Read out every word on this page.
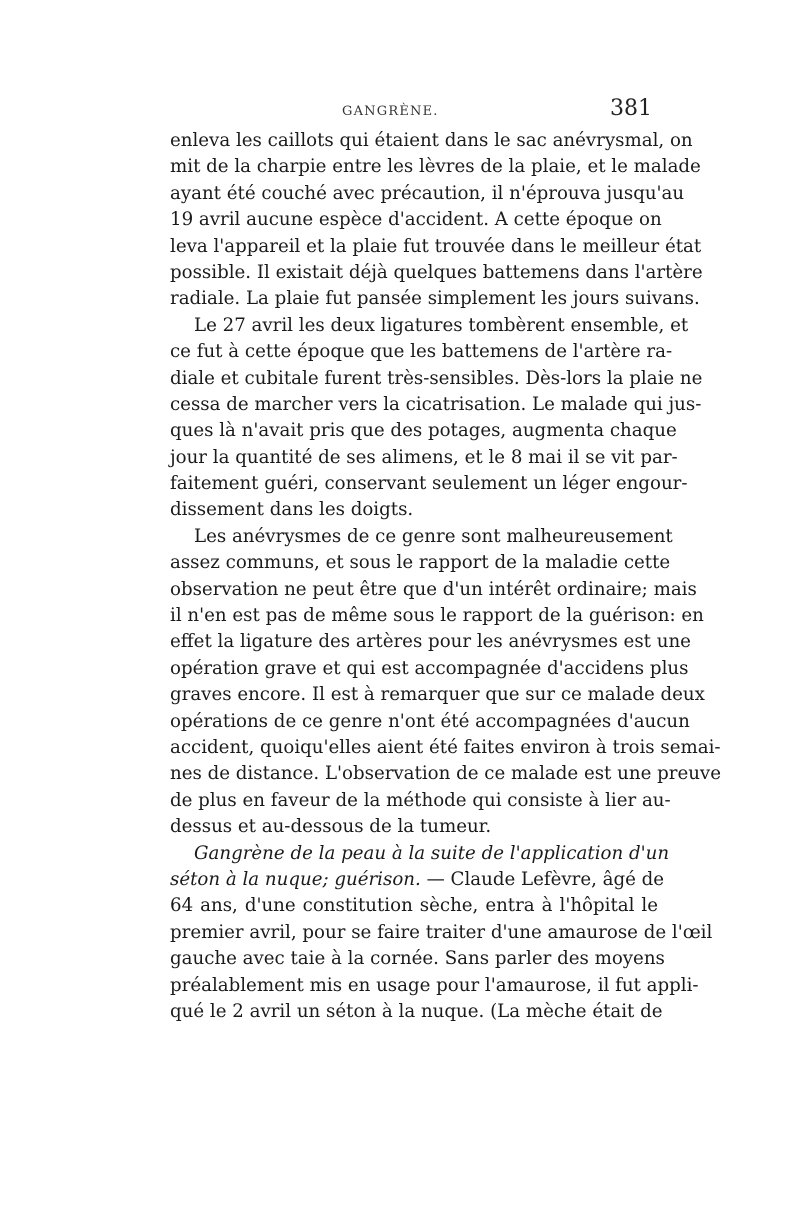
GANGRÈNE.	381
enleva les caillots qui étaient dans le sac anévrysmal, on
mit de la charpie entre les lèvres de la plaie, et le malade
ayant été couché avec précaution, il n'éprouva jusqu'au
19 avril aucune espèce d'accident. A cette époque on
leva l'appareil et la plaie fut trouvée dans le meilleur état
possible. Il existait déjà quelques battemens dans l'artère
radiale. La plaie fut pansée simplement les jours suivans.
Le 27 avril les deux ligatures tombèrent ensemble, et
ce fut à cette époque que les battemens de l'artère ra-
diale et cubitale furent très-sensibles. Dès-lors la plaie ne
cessa de marcher vers la cicatrisation. Le malade qui jus-
ques là n'avait pris que des potages, augmenta chaque
jour la quantité de ses alimens, et le 8 mai il se vit par-
faitement guéri, conservant seulement un léger engour-
dissement dans les doigts.
Les anévrysmes de ce genre sont malheureusement
assez communs, et sous le rapport de la maladie cette
observation ne peut être que d'un intérêt ordinaire; mais
il n'en est pas de même sous le rapport de la guérison: en
effet la ligature des artères pour les anévrysmes est une
opération grave et qui est accompagnée d'accidens plus
graves encore. Il est à remarquer que sur ce malade deux
opérations de ce genre n'ont été accompagnées d'aucun
accident, quoiqu'elles aient été faites environ à trois semai-
nes de distance. L'observation de ce malade est une preuve
de plus en faveur de la méthode qui consiste à lier au-
dessus et au-dessous de la tumeur.
Gangrène de la peau à la suite de l'application d'un
séton à la nuque; guérison. — Claude Lefèvre, âgé de
64 ans, d'une constitution sèche, entra à l'hôpital le
premier avril, pour se faire traiter d'une amaurose de l'œil
gauche avec taie à la cornée. Sans parler des moyens
préalablement mis en usage pour l'amaurose, il fut appli-
qué le 2 avril un séton à la nuque. (La mèche était de
